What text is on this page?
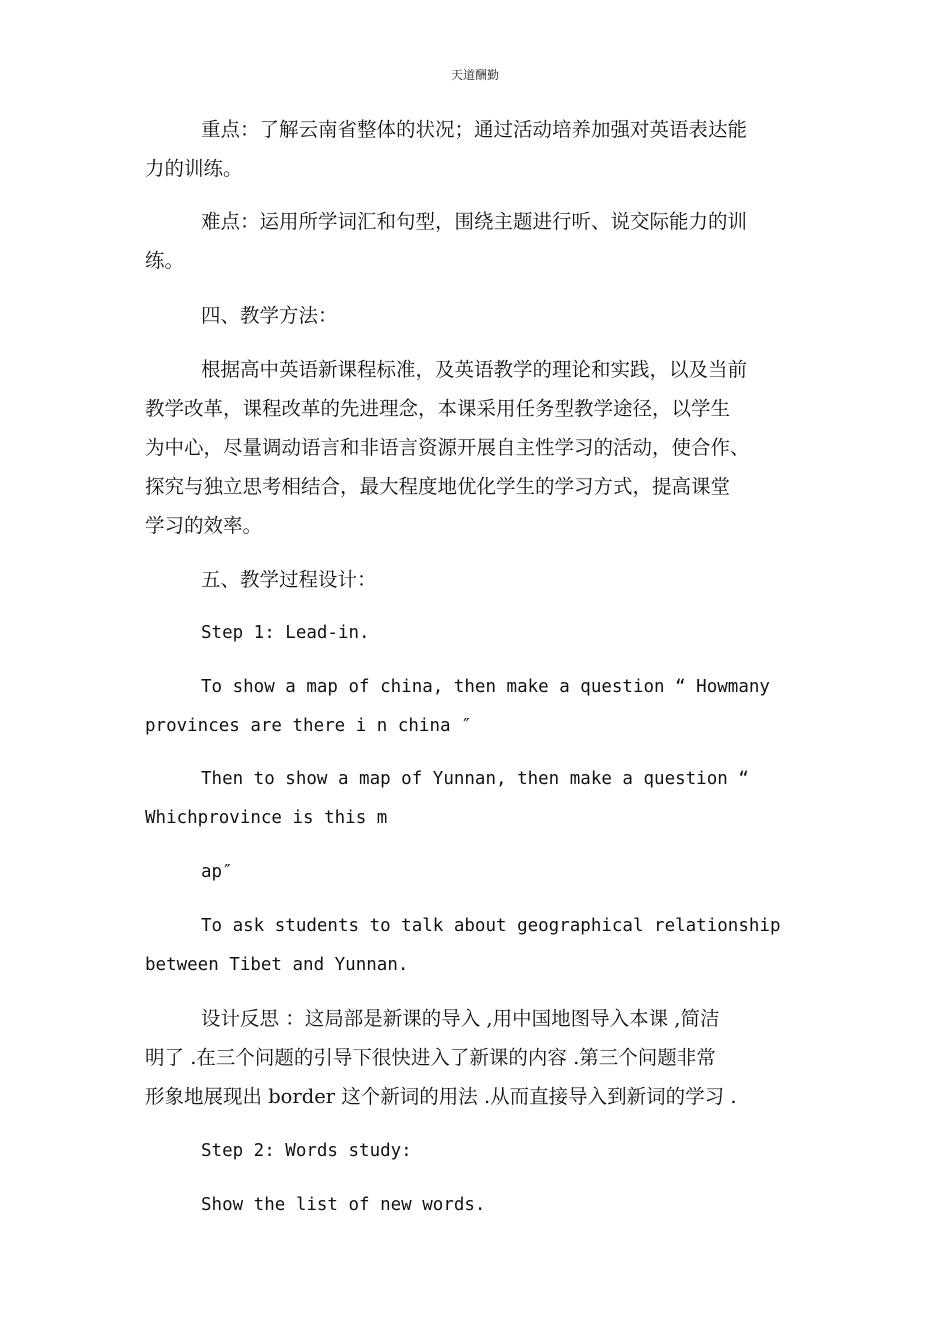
天道酬勤
重点：了解云南省整体的状况；通过活动培养加强对英语表达能
力的训练。
难点：运用所学词汇和句型，围绕主题进行听、说交际能力的训
练。
四、教学方法：
根据高中英语新课程标准，及英语教学的理论和实践，以及当前
教学改革，课程改革的先进理念，本课采用任务型教学途径，以学生
为中心，尽量调动语言和非语言资源开展自主性学习的活动，使合作、
探究与独立思考相结合，最大程度地优化学生的学习方式，提高课堂
学习的效率。
五、教学过程设计：
Step 1: Lead-in.
To show a map of china, then make a question “ Howmany
provinces are there i n china ″
Then to show a map of Yunnan, then make a question “
Whichprovince is this m
ap″
To ask students to talk about geographical relationship
between Tibet and Yunnan.
设计反思 ：这局部是新课的导入 ,用中国地图导入本课 ,简洁
明了 .在三个问题的引导下很快进入了新课的内容 .第三个问题非常
形象地展现出 border 这个新词的用法 .从而直接导入到新词的学习 .
Step 2: Words study:
Show the list of new words.
